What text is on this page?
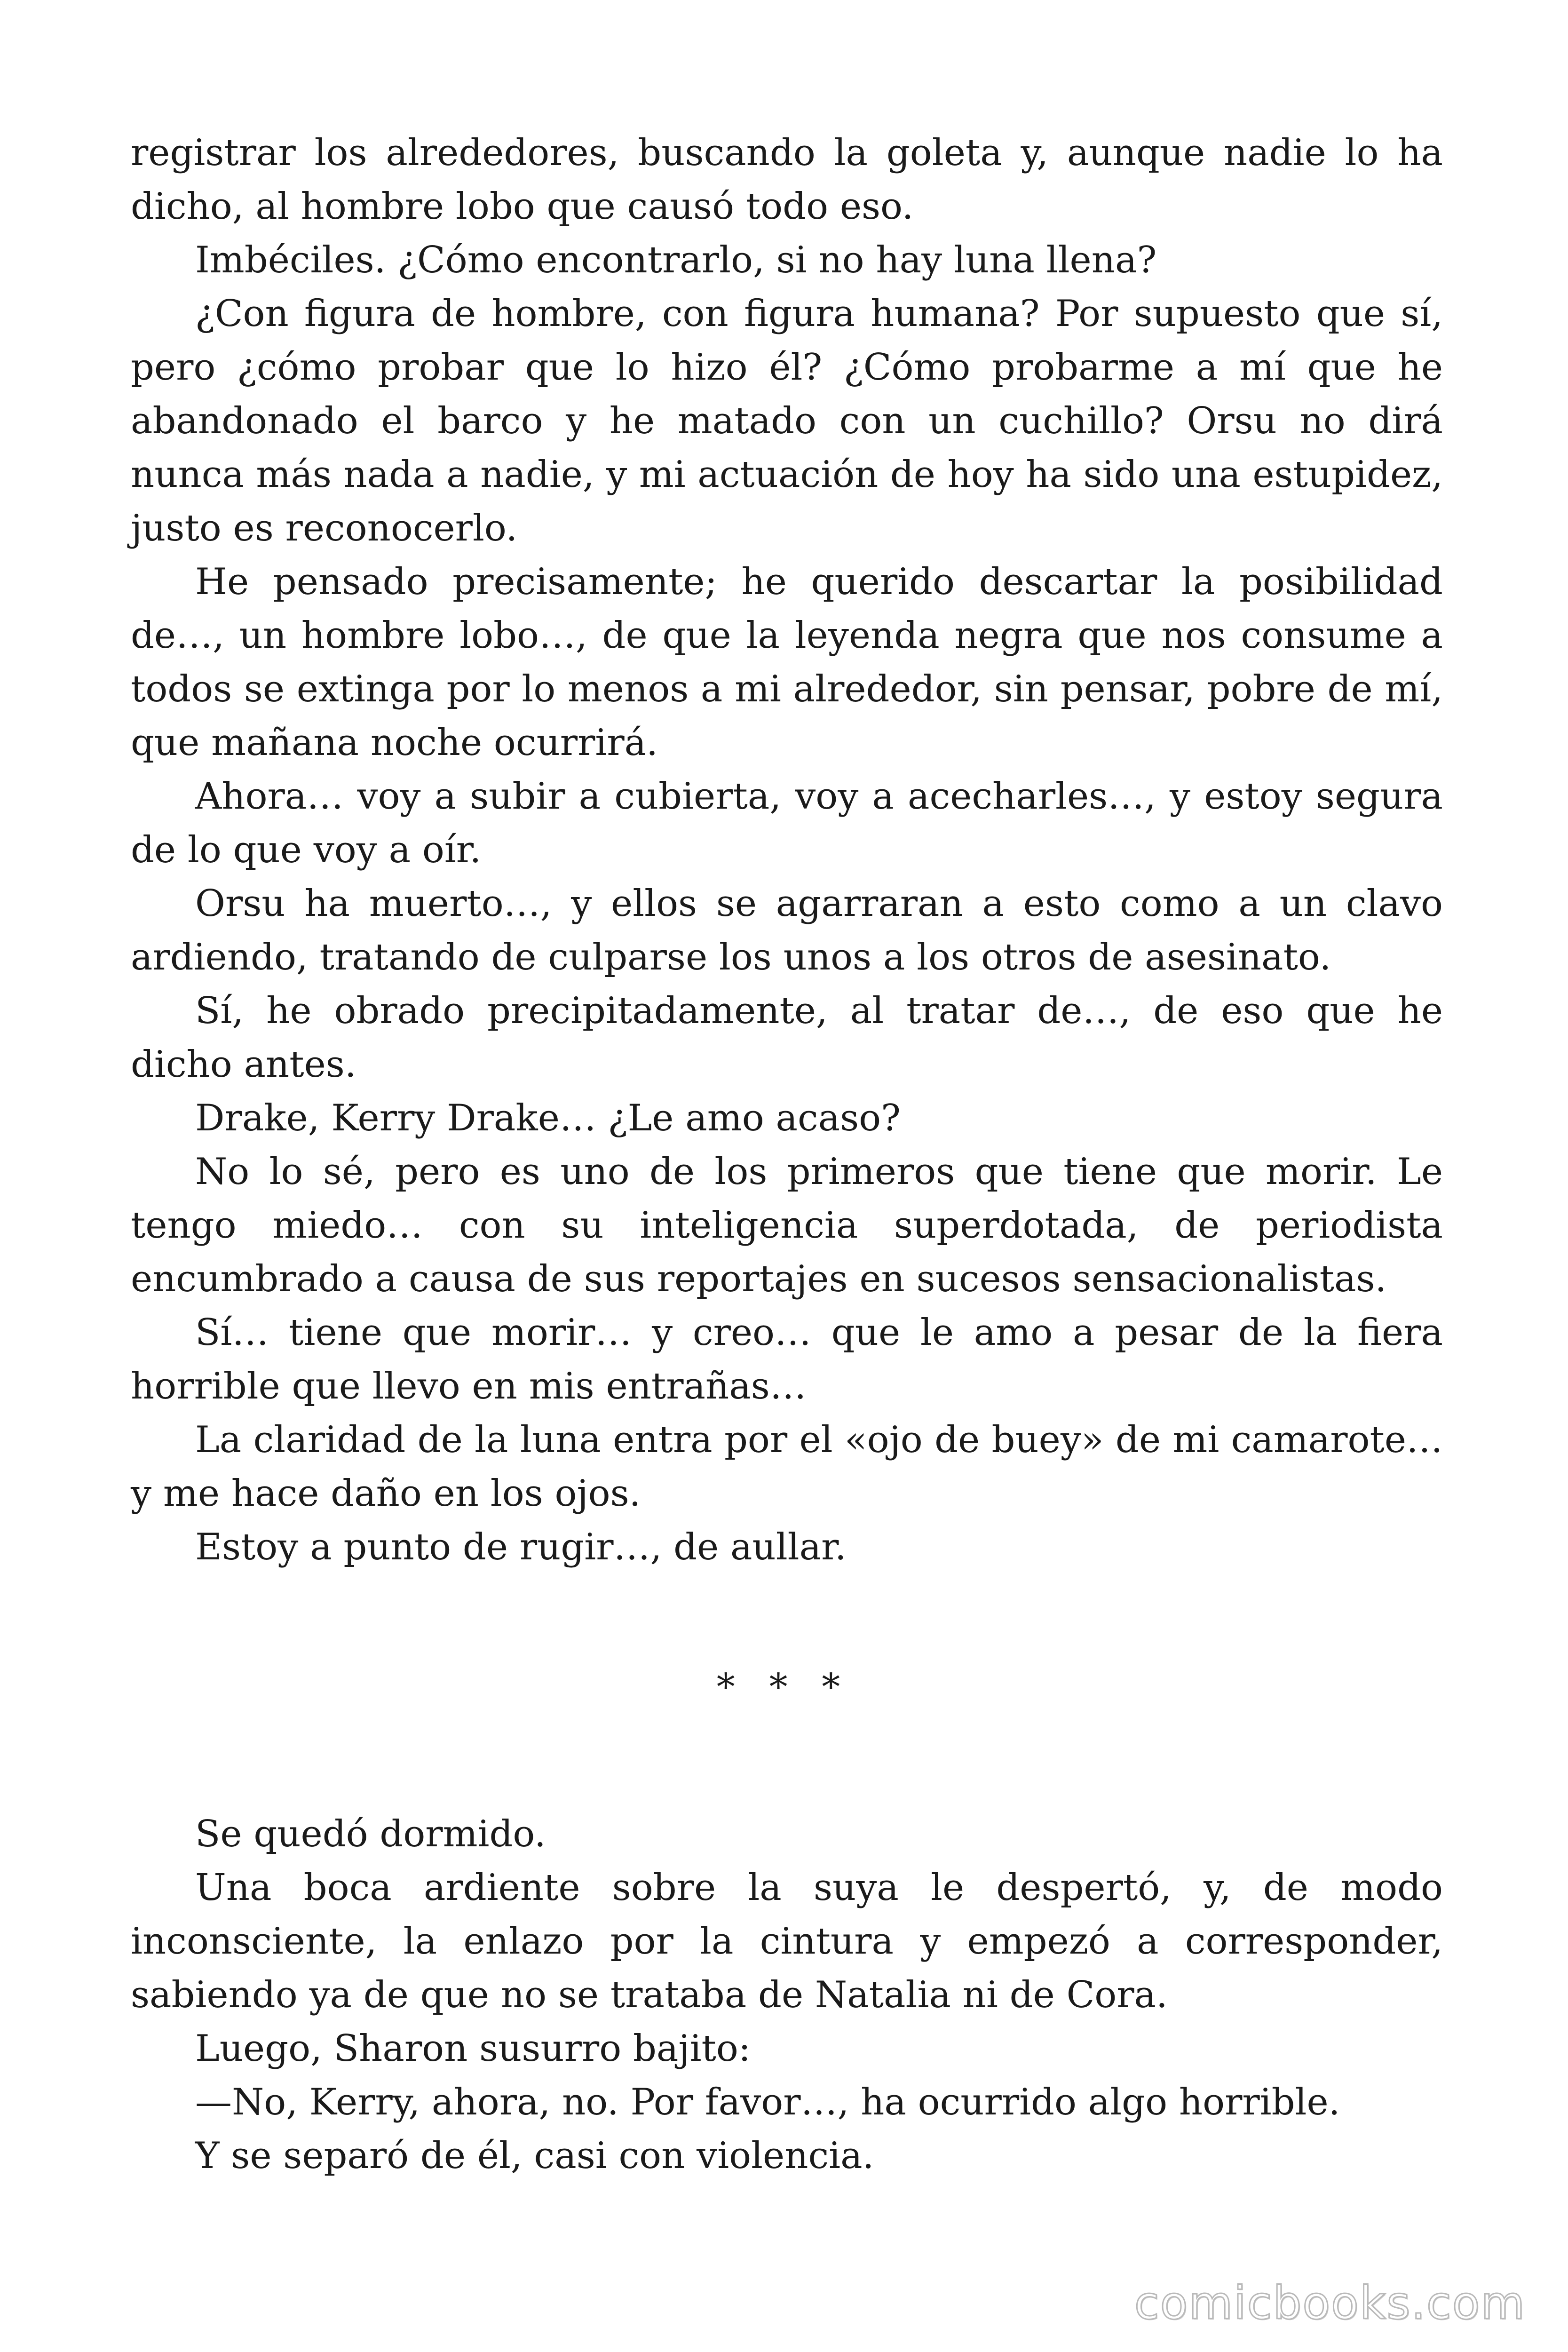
registrar los alrededores, buscando la goleta y, aunque nadie lo ha dicho, al hombre lobo que causó todo eso.

Imbéciles. ¿Cómo encontrarlo, si no hay luna llena?

¿Con figura de hombre, con figura humana? Por supuesto que sí, pero ¿cómo probar que lo hizo él? ¿Cómo probarme a mí que he abandonado el barco y he matado con un cuchillo? Orsu no dirá nunca más nada a nadie, y mi actuación de hoy ha sido una estupidez, justo es reconocerlo.

He pensado precisamente; he querido descartar la posibilidad de…, un hombre lobo…, de que la leyenda negra que nos consume a todos se extinga por lo menos a mi alrededor, sin pensar, pobre de mí, que mañana noche ocurrirá.

Ahora… voy a subir a cubierta, voy a acecharles…, y estoy segura de lo que voy a oír.

Orsu ha muerto…, y ellos se agarraran a esto como a un clavo ardiendo, tratando de culparse los unos a los otros de asesinato.

Sí, he obrado precipitadamente, al tratar de…, de eso que he dicho antes.

Drake, Kerry Drake… ¿Le amo acaso?

No lo sé, pero es uno de los primeros que tiene que morir. Le tengo miedo… con su inteligencia superdotada, de periodista encumbrado a causa de sus reportajes en sucesos sensacionalistas.

Sí… tiene que morir… y creo… que le amo a pesar de la fiera horrible que llevo en mis entrañas…

La claridad de la luna entra por el «ojo de buey» de mi camarote… y me hace daño en los ojos.

Estoy a punto de rugir…, de aullar.

* * *

Se quedó dormido.

Una boca ardiente sobre la suya le despertó, y, de modo inconsciente, la enlazo por la cintura y empezó a corresponder, sabiendo ya de que no se trataba de Natalia ni de Cora.

Luego, Sharon susurro bajito:

—No, Kerry, ahora, no. Por favor…, ha ocurrido algo horrible.

Y se separó de él, casi con violencia.

comicbooks.com
